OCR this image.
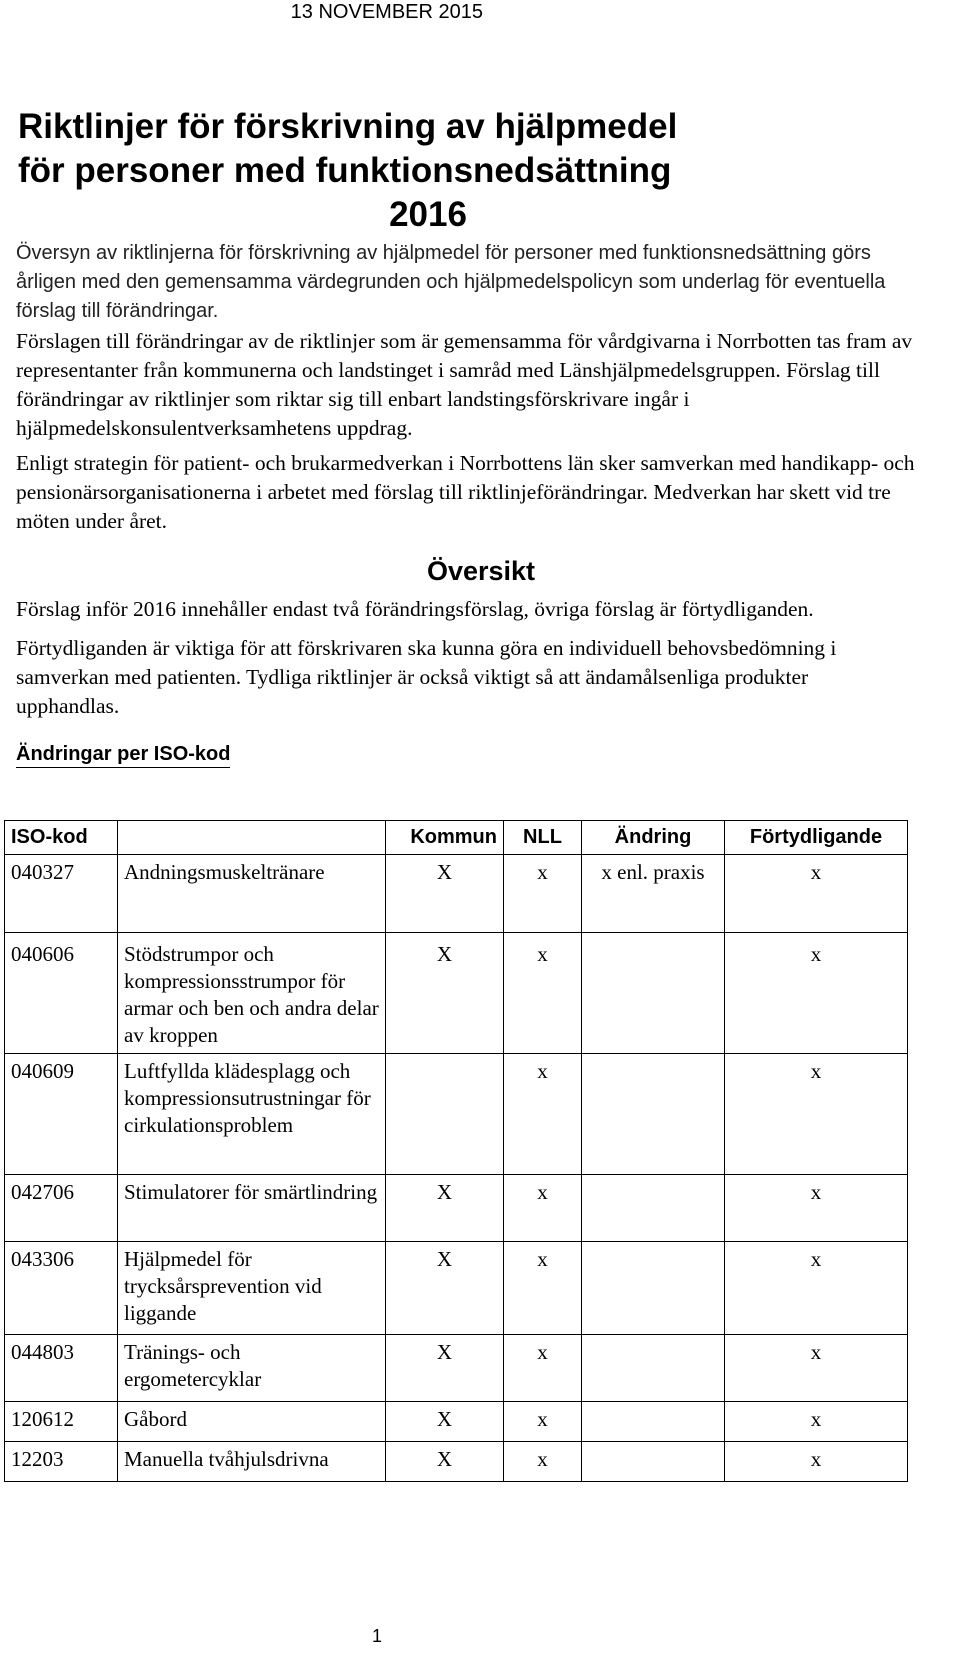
13 NOVEMBER 2015
Riktlinjer för förskrivning av hjälpmedel
för personer med funktionsnedsättning
2016

Översyn av riktlinjerna för förskrivning av hjälpmedel för personer med funktionsnedsättning görs årligen med den gemensamma värdegrunden och hjälpmedelspolicyn som underlag för eventuella förslag till förändringar.

Förslagen till förändringar av de riktlinjer som är gemensamma för vårdgivarna i Norrbotten tas fram av representanter från kommunerna och landstinget i samråd med Länshjälpmedelsgruppen. Förslag till förändringar av riktlinjer som riktar sig till enbart landstingsförskrivare ingår i hjälpmedelskonsulentverksamhetens uppdrag.

Enligt strategin för patient- och brukarmedverkan i Norrbottens län sker samverkan med handikapp- och pensionärsorganisationerna i arbetet med förslag till riktlinjeförändringar. Medverkan har skett vid tre möten under året.

Översikt

Förslag inför 2016 innehåller endast två förändringsförslag, övriga förslag är förtydliganden.

Förtydliganden är viktiga för att förskrivaren ska kunna göra en individuell behovsbedömning i samverkan med patienten. Tydliga riktlinjer är också viktigt så att ändamålsenliga produkter upphandlas.

Ändringar per ISO-kod
ISO-kod		Kommun	NLL	Ändring	Förtydligande
040327	Andningsmuskeltränare	X	x	x enl. praxis	x
040606	Stödstrumpor och kompressionsstrumpor för armar och ben och andra delar av kroppen	X	x		x
040609	Luftfyllda klädesplagg och kompressionsutrustningar för cirkulationsproblem		x		x
042706	Stimulatorer för smärtlindring	X	x		x
043306	Hjälpmedel för trycksårsprevention vid liggande	X	x		x
044803	Tränings- och ergometercyklar	X	x		x
120612	Gåbord	X	x		x
12203	Manuella tvåhjulsdrivna	X	x		x
1
